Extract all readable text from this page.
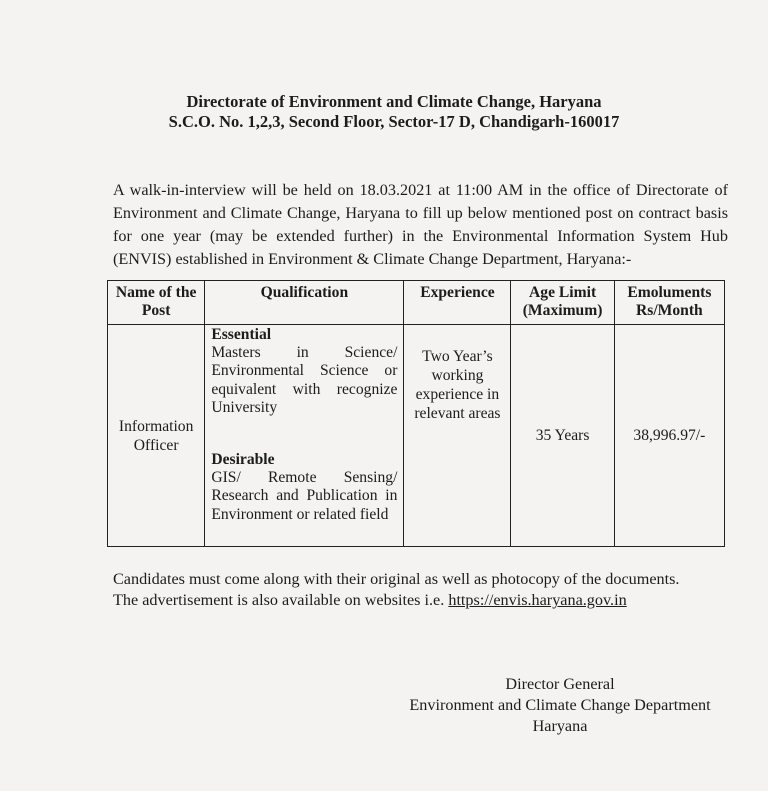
Directorate of Environment and Climate Change, Haryana
S.C.O. No. 1,2,3, Second Floor, Sector-17 D, Chandigarh-160017
A walk-in-interview will be held on 18.03.2021 at 11:00 AM in the office of Directorate of Environment and Climate Change, Haryana to fill up below mentioned post on contract basis for one year (may be extended further) in the Environmental Information System Hub (ENVIS) established in Environment & Climate Change Department, Haryana:-
Name of the Post	Qualification	Experience	Age Limit (Maximum)	Emoluments Rs/Month
Information Officer	Essential
Masters in Science/ Environmental Science or equivalent with recognize University
Desirable
GIS/ Remote Sensing/ Research and Publication in Environment or related field	Two Year’s working experience in relevant areas	35 Years	38,996.97/-
Candidates must come along with their original as well as photocopy of the documents.
The advertisement is also available on websites i.e. https://envis.haryana.gov.in
Director General
Environment and Climate Change Department
Haryana
